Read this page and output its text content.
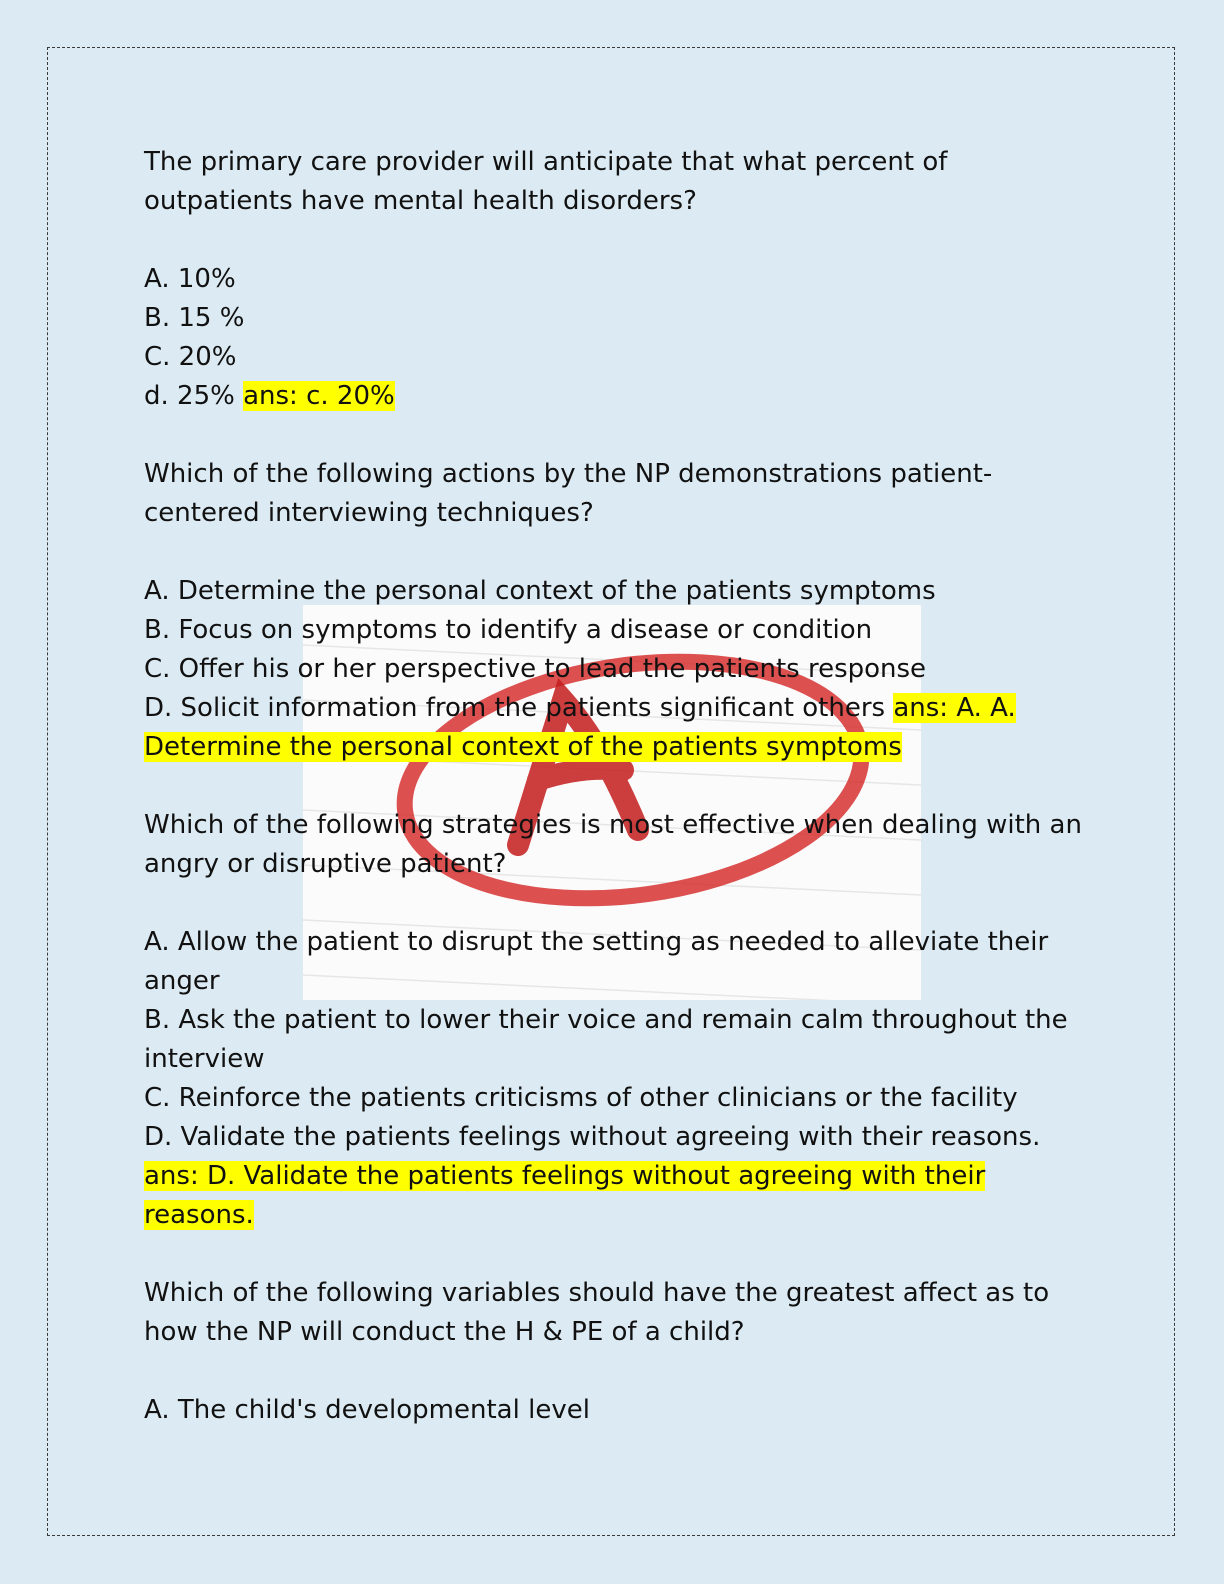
The primary care provider will anticipate that what percent of

outpatients have mental health disorders?

A. 10%

B. 15 %

C. 20%

d. 25% ans: c. 20%

Which of the following actions by the NP demonstrations patient-

centered interviewing techniques?

A. Determine the personal context of the patients symptoms

B. Focus on symptoms to identify a disease or condition

C. Offer his or her perspective to lead the patients response

D. Solicit information from the patients significant others ans: A. A.

Determine the personal context of the patients symptoms

Which of the following strategies is most effective when dealing with an

angry or disruptive patient?

A. Allow the patient to disrupt the setting as needed to alleviate their

anger

B. Ask the patient to lower their voice and remain calm throughout the

interview

C. Reinforce the patients criticisms of other clinicians or the facility

D. Validate the patients feelings without agreeing with their reasons.

ans: D. Validate the patients feelings without agreeing with their

reasons.

Which of the following variables should have the greatest affect as to

how the NP will conduct the H & PE of a child?

A. The child's developmental level
